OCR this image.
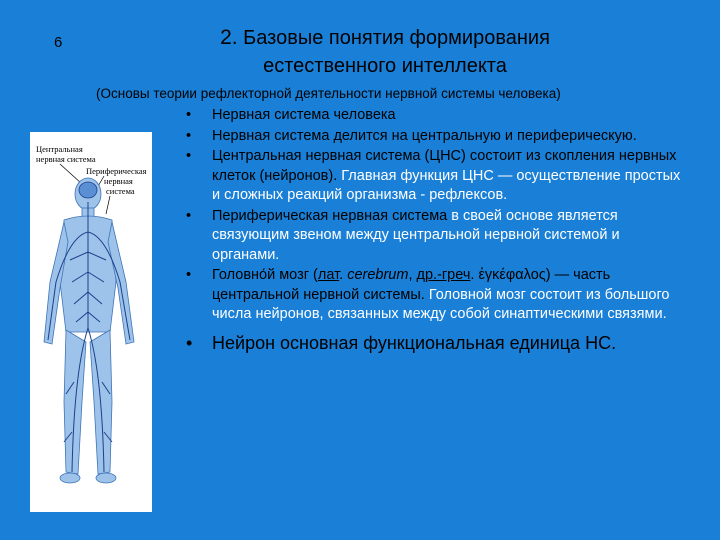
6	2. Базовые понятия формирования
естественного интеллекта
(Основы теории рефлекторной деятельности нервной системы человека)
Центральная
нервная система
Периферическая
нервная
система
• Нервная система человека
• Нервная система делится на центральную и периферическую.
• Центральная нервная система (ЦНС) состоит из скопления нервных клеток (нейронов). Главная функция ЦНС — осуществление простых и сложных реакций организма - рефлексов.
• Периферическая нервная система в своей основе является связующим звеном между центральной нервной системой и органами.
• Головно́й мозг (лат. cerebrum, др.-греч. ἐγκέφαλος) — часть центральной нервной системы. Головной мозг состоит из большого числа нейронов, связанных между собой синаптическими связями.
• Нейрон основная функциональная единица НС.
